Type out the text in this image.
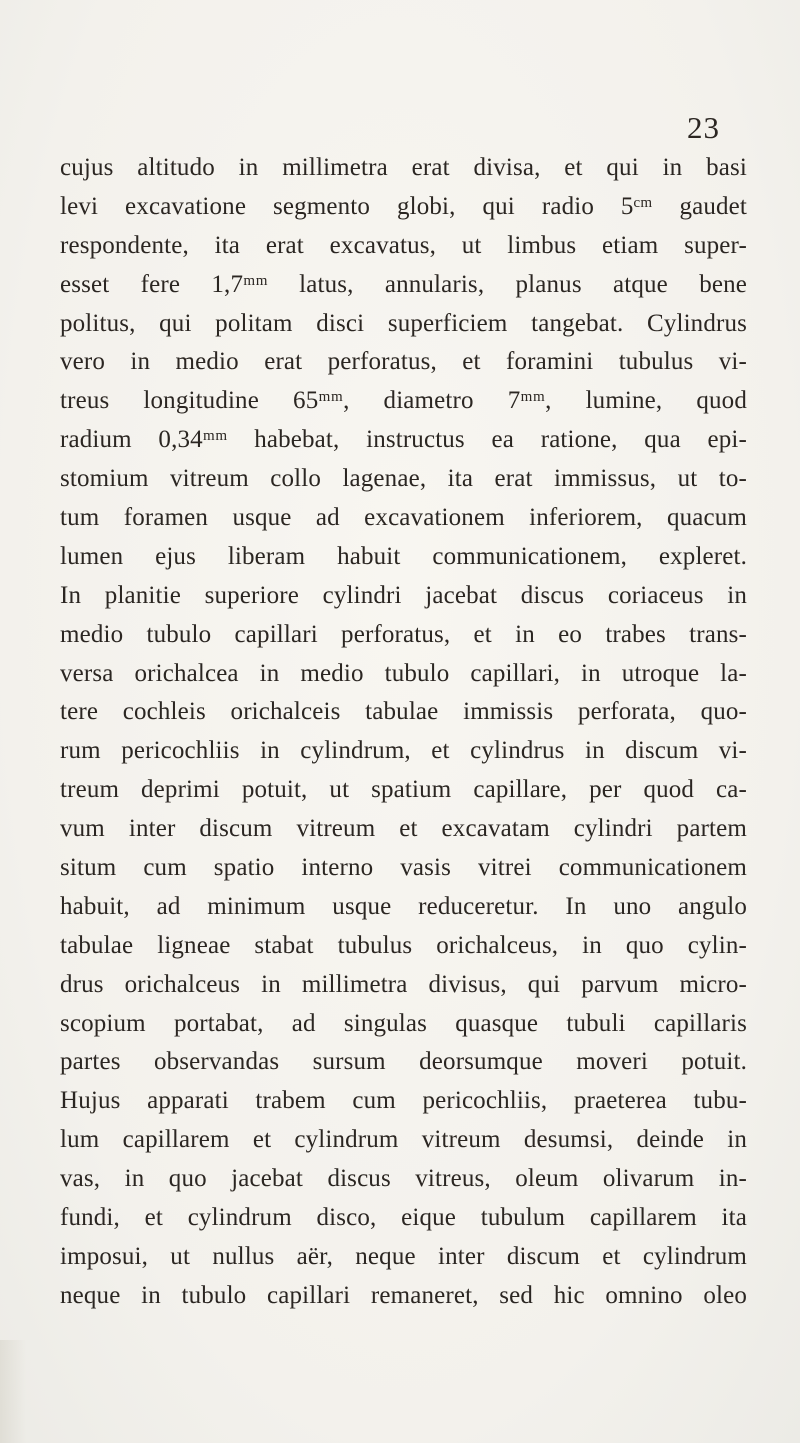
23

cujus altitudo in millimetra erat divisa, et qui in basi
levi excavatione segmento globi, qui radio 5ᶜᵐ gaudet
respondente, ita erat excavatus, ut limbus etiam super-
esset fere 1,7ᵐᵐ latus, annularis, planus atque bene
politus, qui politam disci superficiem tangebat. Cylindrus
vero in medio erat perforatus, et foramini tubulus vi-
treus longitudine 65ᵐᵐ, diametro 7ᵐᵐ, lumine, quod
radium 0,34ᵐᵐ habebat, instructus ea ratione, qua epi-
stomium vitreum collo lagenae, ita erat immissus, ut to-
tum foramen usque ad excavationem inferiorem, quacum
lumen ejus liberam habuit communicationem, expleret.
In planitie superiore cylindri jacebat discus coriaceus in
medio tubulo capillari perforatus, et in eo trabes trans-
versa orichalcea in medio tubulo capillari, in utroque la-
tere cochleis orichalceis tabulae immissis perforata, quo-
rum pericochliis in cylindrum, et cylindrus in discum vi-
treum deprimi potuit, ut spatium capillare, per quod ca-
vum inter discum vitreum et excavatam cylindri partem
situm cum spatio interno vasis vitrei communicationem
habuit, ad minimum usque reduceretur. In uno angulo
tabulae ligneae stabat tubulus orichalceus, in quo cylin-
drus orichalceus in millimetra divisus, qui parvum micro-
scopium portabat, ad singulas quasque tubuli capillaris
partes observandas sursum deorsumque moveri potuit.
Hujus apparati trabem cum pericochliis, praeterea tubu-
lum capillarem et cylindrum vitreum desumsi, deinde in
vas, in quo jacebat discus vitreus, oleum olivarum in-
fundi, et cylindrum disco, eique tubulum capillarem ita
imposui, ut nullus aër, neque inter discum et cylindrum
neque in tubulo capillari remaneret, sed hic omnino oleo
